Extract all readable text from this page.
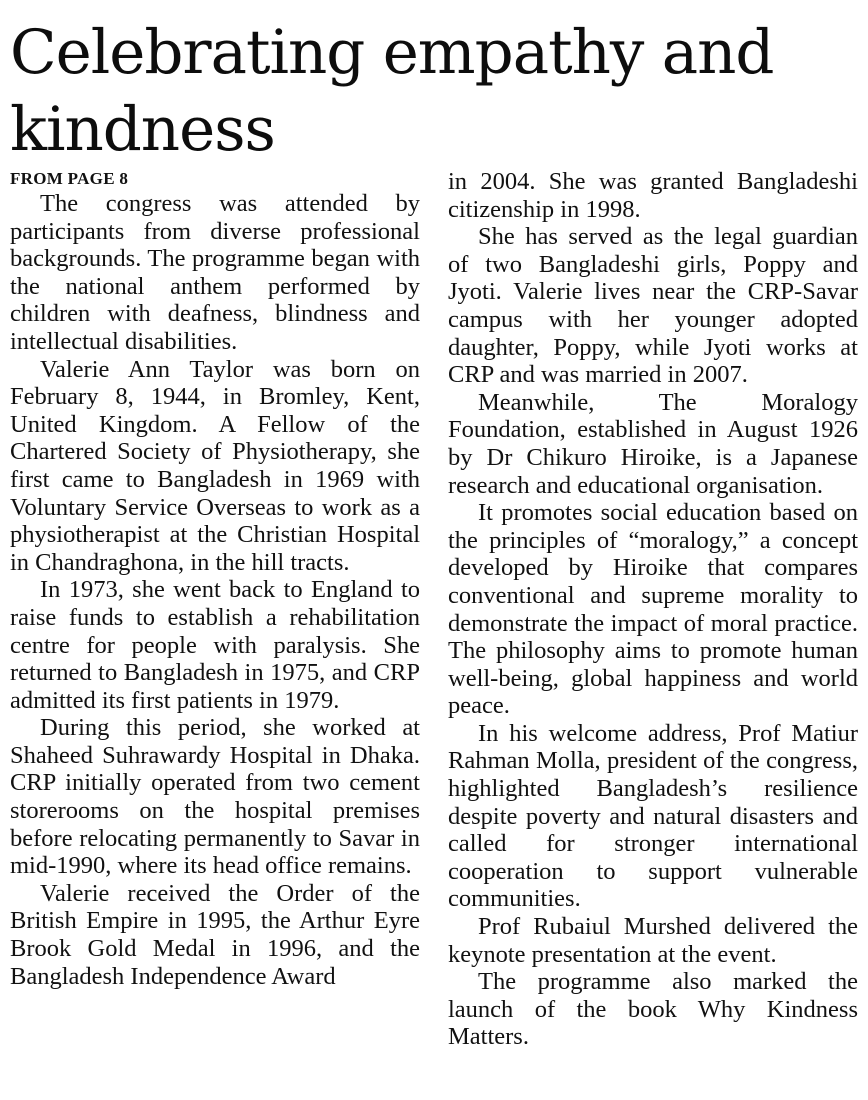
Celebrating empathy and kindness
FROM PAGE 8

The congress was attended by participants from diverse professional backgrounds. The programme began with the national anthem performed by children with deafness, blindness and intellectual disabilities.

Valerie Ann Taylor was born on February 8, 1944, in Bromley, Kent, United Kingdom. A Fellow of the Chartered Society of Physiotherapy, she first came to Bangladesh in 1969 with Voluntary Service Overseas to work as a physiotherapist at the Christian Hospital in Chandraghona, in the hill tracts.

In 1973, she went back to England to raise funds to establish a rehabilitation centre for people with paralysis. She returned to Bangladesh in 1975, and CRP admitted its first patients in 1979.

During this period, she worked at Shaheed Suhrawardy Hospital in Dhaka. CRP initially operated from two cement storerooms on the hospital premises before relocating permanently to Savar in mid-1990, where its head office remains.

Valerie received the Order of the British Empire in 1995, the Arthur Eyre Brook Gold Medal in 1996, and the Bangladesh Independence Award

in 2004. She was granted Bangladeshi citizenship in 1998.

She has served as the legal guardian of two Bangladeshi girls, Poppy and Jyoti. Valerie lives near the CRP-Savar campus with her younger adopted daughter, Poppy, while Jyoti works at CRP and was married in 2007.

Meanwhile, The Moralogy Foundation, established in August 1926 by Dr Chikuro Hiroike, is a Japanese research and educational organisation.

It promotes social education based on the principles of “moralogy,” a concept developed by Hiroike that compares conventional and supreme morality to demonstrate the impact of moral practice. The philosophy aims to promote human well-being, global happiness and world peace.

In his welcome address, Prof Matiur Rahman Molla, president of the congress, highlighted Bangladesh’s resilience despite poverty and natural disasters and called for stronger international cooperation to support vulnerable communities.

Prof Rubaiul Murshed delivered the keynote presentation at the event.

The programme also marked the launch of the book Why Kindness Matters.
